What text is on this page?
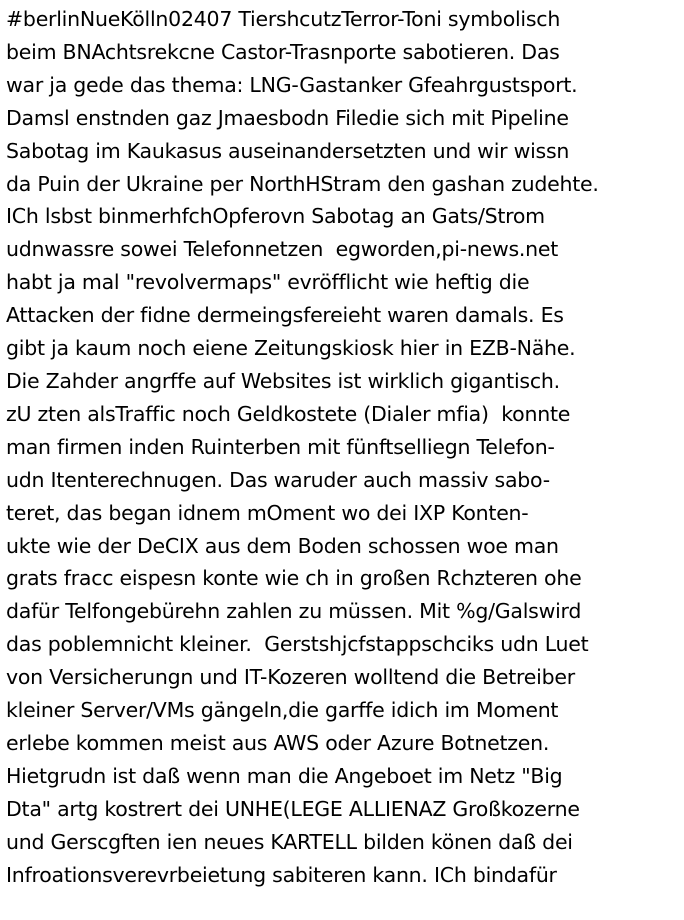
#berlinNueKölln02407 TiershcutzTerror-Toni symbolisch
beim BNAchtsrekcne Castor-Trasnporte sabotieren. Das
war ja gede das thema: LNG-Gastanker Gfeahrgustsport.
Damsl enstnden gaz Jmaesbodn Filedie sich mit Pipeline
Sabotag im Kaukasus auseinandersetzten und wir wissn
da Puin der Ukraine per NorthHStram den gashan zudehte.
ICh lsbst binmerhfchOpferovn Sabotag an Gats/Strom
udnwassre sowei Telefonnetzen  egworden,pi-news.net
habt ja mal "revolvermaps" evröfflicht wie heftig die
Attacken der fidne dermeingsfereieht waren damals. Es
gibt ja kaum noch eiene Zeitungskiosk hier in EZB-Nähe.
Die Zahder angrffe auf Websites ist wirklich gigantisch.
zU zten alsTraffic noch Geldkostete (Dialer mfia)  konnte
man firmen inden Ruinterben mit fünftselliegn Telefon-
udn Itenterechnugen. Das waruder auch massiv sabo-
teret, das began idnem mOment wo dei IXP Konten-
ukte wie der DeCIX aus dem Boden schossen woe man
grats fracc eispesn konte wie ch in großen Rchzteren ohe
dafür Telfongebürehn zahlen zu müssen. Mit %g/Galswird
das poblemnicht kleiner.  Gerstshjcfstappschciks udn Luet
von Versicherungn und IT-Kozeren wolltend die Betreiber
kleiner Server/VMs gängeln,die garffe idich im Moment
erlebe kommen meist aus AWS oder Azure Botnetzen.
Hietgrudn ist daß wenn man die Angeboet im Netz "Big
Dta" artg kostrert dei UNHE(LEGE ALLIENAZ Großkozerne
und Gerscgften ien neues KARTELL bilden könen daß dei
Infroationsverevrbeietung sabiteren kann. ICh bindafür
